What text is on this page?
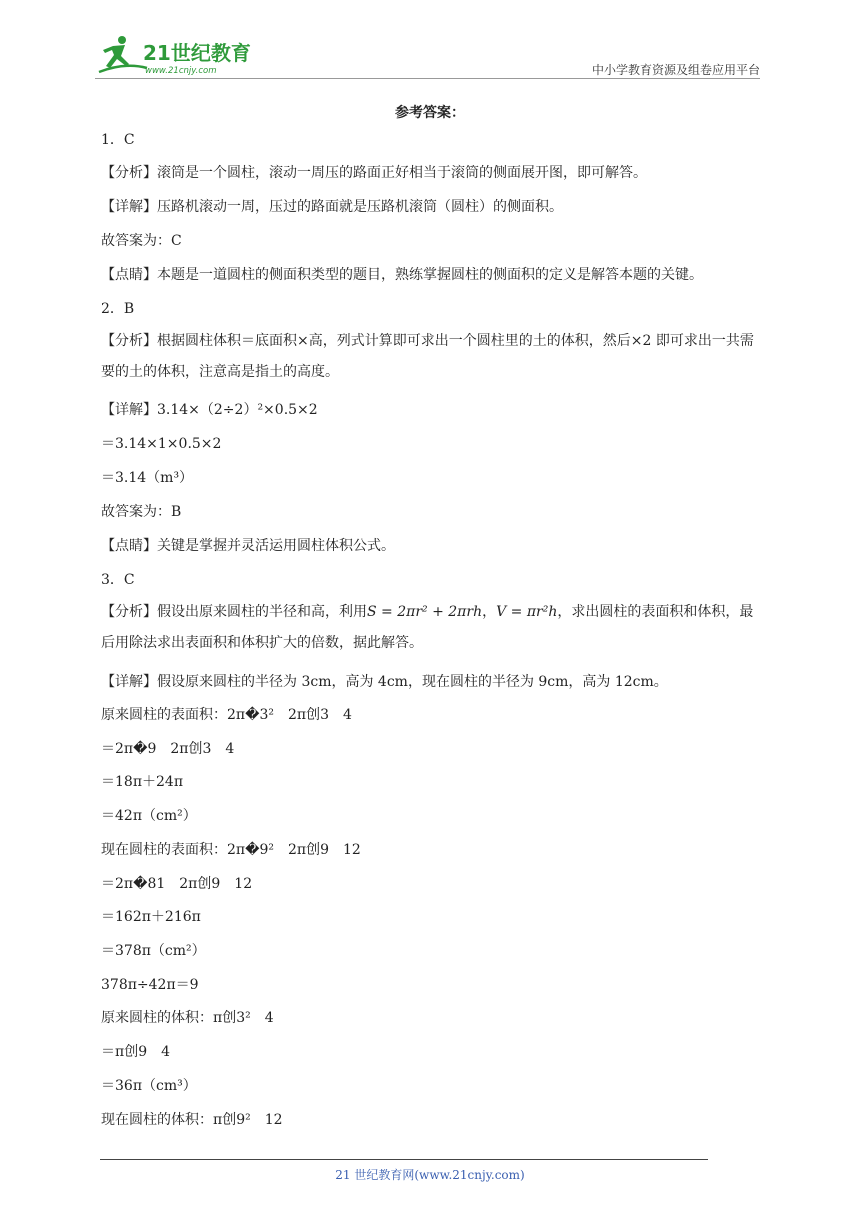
21世纪教育
www.21cnjy.com	中小学教育资源及组卷应用平台
参考答案：
1．C
【分析】滚筒是一个圆柱，滚动一周压的路面正好相当于滚筒的侧面展开图，即可解答。
【详解】压路机滚动一周，压过的路面就是压路机滚筒（圆柱）的侧面积。
故答案为：C
【点睛】本题是一道圆柱的侧面积类型的题目，熟练掌握圆柱的侧面积的定义是解答本题的关键。
2．B
【分析】根据圆柱体积＝底面积×高，列式计算即可求出一个圆柱里的土的体积，然后×2 即可求出一共需要的土的体积，注意高是指土的高度。
【详解】3.14×（2÷2）²×0.5×2
＝3.14×1×0.5×2
＝3.14（m³）
故答案为：B
【点睛】关键是掌握并灵活运用圆柱体积公式。
3．C
【分析】假设出原来圆柱的半径和高，利用S = 2πr² + 2πrh，V = πr²h，求出圆柱的表面积和体积，最后用除法求出表面积和体积扩大的倍数，据此解答。
【详解】假设原来圆柱的半径为 3cm，高为 4cm，现在圆柱的半径为 9cm，高为 12cm。
原来圆柱的表面积：2π�3²　2π创3　4
＝2π�9　2π创3　4
＝18π＋24π
＝42π（cm²）
现在圆柱的表面积：2π�9²　2π创9　12
＝2π�81　2π创9　12
＝162π＋216π
＝378π（cm²）
378π÷42π＝9
原来圆柱的体积：π创3²　4
＝π创9　4
＝36π（cm³）
现在圆柱的体积：π创9²　12
21 世纪教育网(www.21cnjy.com)
